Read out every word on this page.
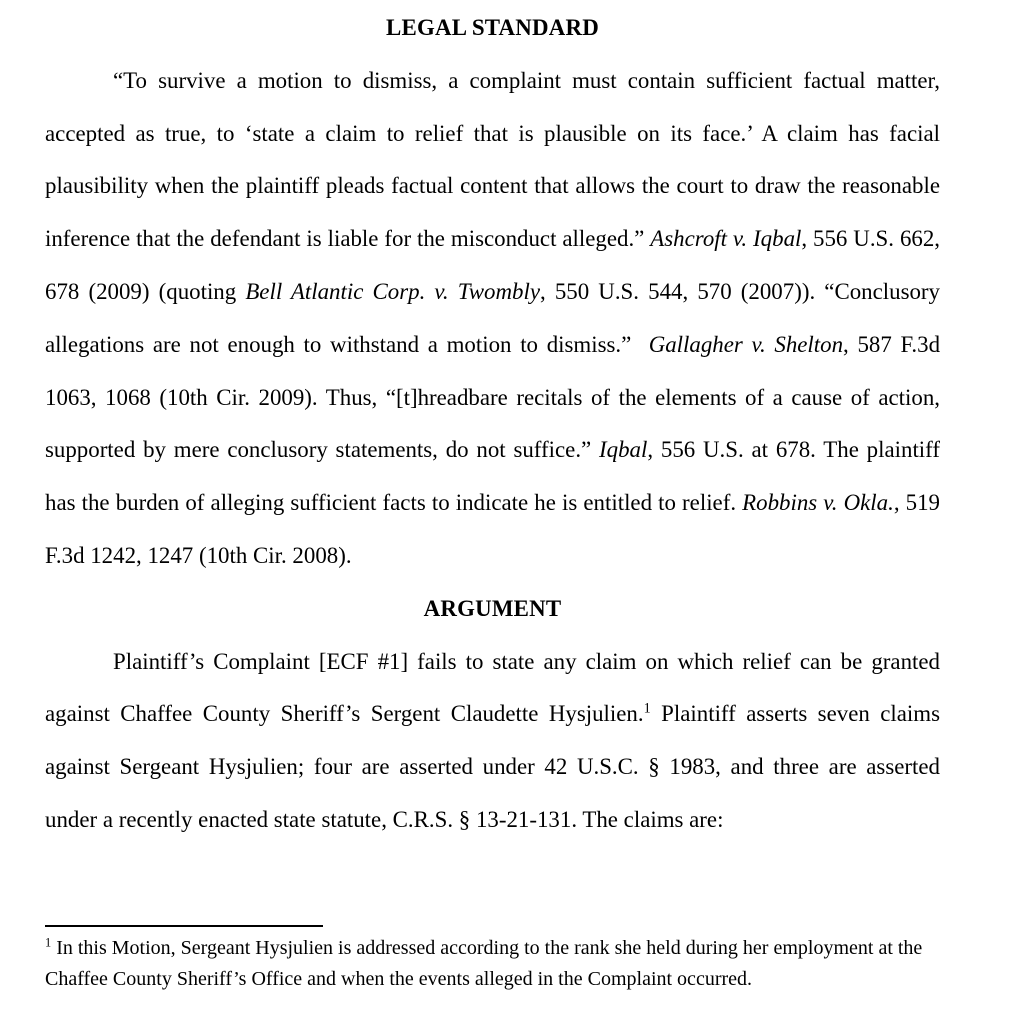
LEGAL STANDARD

“To survive a motion to dismiss, a complaint must contain sufficient factual matter, accepted as true, to ‘state a claim to relief that is plausible on its face.’ A claim has facial plausibility when the plaintiff pleads factual content that allows the court to draw the reasonable inference that the defendant is liable for the misconduct alleged.” Ashcroft v. Iqbal, 556 U.S. 662, 678 (2009) (quoting Bell Atlantic Corp. v. Twombly, 550 U.S. 544, 570 (2007)). “Conclusory allegations are not enough to withstand a motion to dismiss.”  Gallagher v. Shelton, 587 F.3d 1063, 1068 (10th Cir. 2009). Thus, “[t]hreadbare recitals of the elements of a cause of action, supported by mere conclusory statements, do not suffice.” Iqbal, 556 U.S. at 678. The plaintiff has the burden of alleging sufficient facts to indicate he is entitled to relief. Robbins v. Okla., 519 F.3d 1242, 1247 (10th Cir. 2008).

ARGUMENT

Plaintiff’s Complaint [ECF #1] fails to state any claim on which relief can be granted against Chaffee County Sheriff’s Sergent Claudette Hysjulien.$^1$ Plaintiff asserts seven claims against Sergeant Hysjulien; four are asserted under 42 U.S.C. § 1983, and three are asserted under a recently enacted state statute, C.R.S. § 13-21-131. The claims are:

$^1$ In this Motion, Sergeant Hysjulien is addressed according to the rank she held during her employment at the Chaffee County Sheriff’s Office and when the events alleged in the Complaint occurred.
